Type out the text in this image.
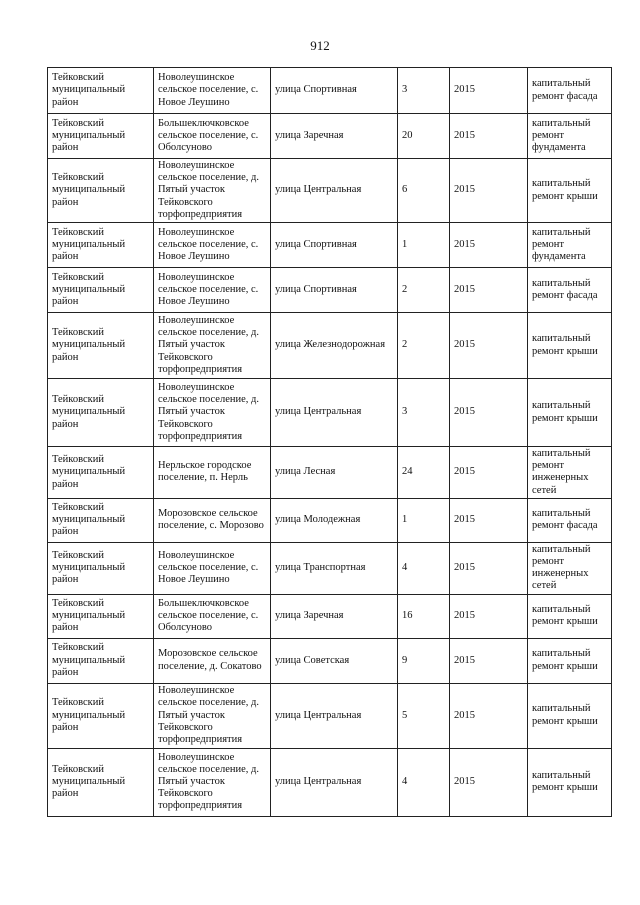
912
Тейковский муниципальный район	Новолеушинское сельское поселение, с. Новое Леушино	улица Спортивная	3	2015	капитальный ремонт фасада
Тейковский муниципальный район	Большеключковское сельское поселение, с. Оболсуново	улица Заречная	20	2015	капитальный ремонт фундамента
Тейковский муниципальный район	Новолеушинское сельское поселение, д. Пятый участок Тейковского торфопредприятия	улица Центральная	6	2015	капитальный ремонт крыши
Тейковский муниципальный район	Новолеушинское сельское поселение, с. Новое Леушино	улица Спортивная	1	2015	капитальный ремонт фундамента
Тейковский муниципальный район	Новолеушинское сельское поселение, с. Новое Леушино	улица Спортивная	2	2015	капитальный ремонт фасада
Тейковский муниципальный район	Новолеушинское сельское поселение, д. Пятый участок Тейковского торфопредприятия	улица Железнодорожная	2	2015	капитальный ремонт крыши
Тейковский муниципальный район	Новолеушинское сельское поселение, д. Пятый участок Тейковского торфопредприятия	улица Центральная	3	2015	капитальный ремонт крыши
Тейковский муниципальный район	Нерльское городское поселение, п. Нерль	улица Лесная	24	2015	капитальный ремонт инженерных сетей
Тейковский муниципальный район	Морозовское сельское поселение, с. Морозово	улица Молодежная	1	2015	капитальный ремонт фасада
Тейковский муниципальный район	Новолеушинское сельское поселение, с. Новое Леушино	улица Транспортная	4	2015	капитальный ремонт инженерных сетей
Тейковский муниципальный район	Большеключковское сельское поселение, с. Оболсуново	улица Заречная	16	2015	капитальный ремонт крыши
Тейковский муниципальный район	Морозовское сельское поселение, д. Сокатово	улица Советская	9	2015	капитальный ремонт крыши
Тейковский муниципальный район	Новолеушинское сельское поселение, д. Пятый участок Тейковского торфопредприятия	улица Центральная	5	2015	капитальный ремонт крыши
Тейковский муниципальный район	Новолеушинское сельское поселение, д. Пятый участок Тейковского торфопредприятия	улица Центральная	4	2015	капитальный ремонт крыши
